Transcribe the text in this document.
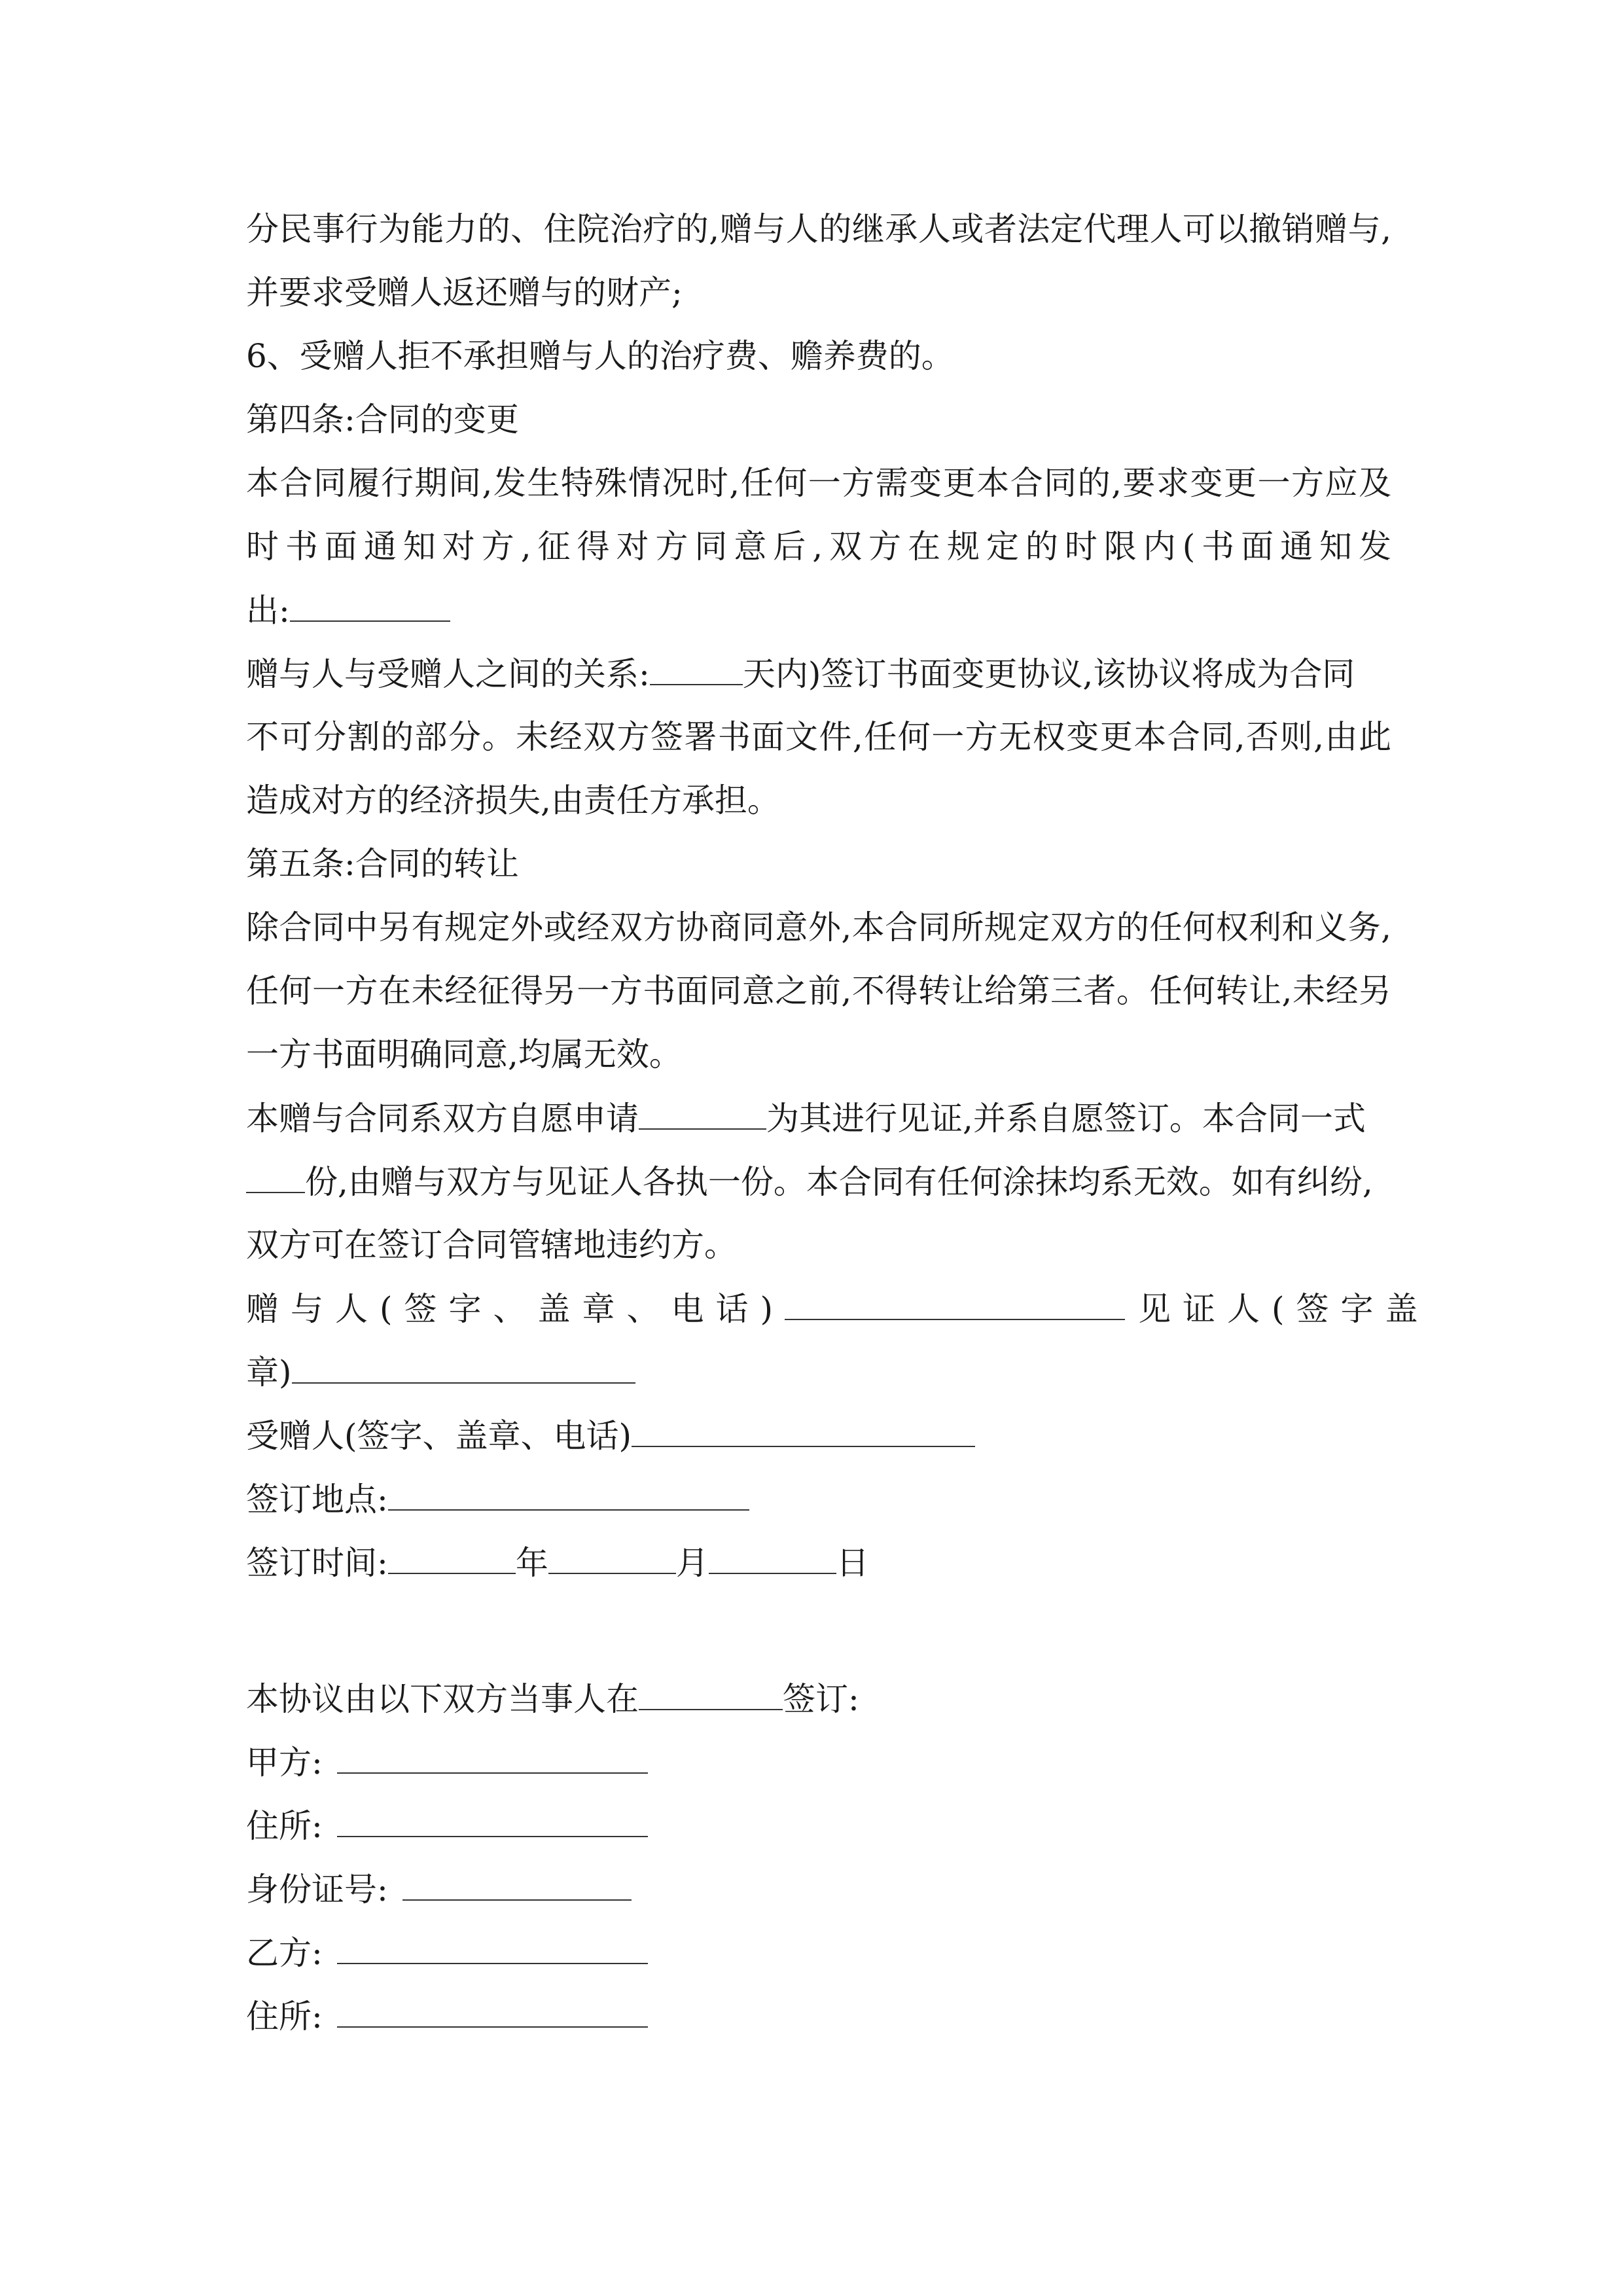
分民事行为能力的、住院治疗的,赠与人的继承人或者法定代理人可以撤销赠与,
并要求受赠人返还赠与的财产;
6、受赠人拒不承担赠与人的治疗费、赡养费的。
第四条:合同的变更
本合同履行期间,发生特殊情况时,任何一方需变更本合同的,要求变更一方应及
时书面通知对方,征得对方同意后,双方在规定的时限内(书面通知发
出:
赠与人与受赠人之间的关系:	天内)签订书面变更协议,该协议将成为合同
不可分割的部分。未经双方签署书面文件,任何一方无权变更本合同,否则,由此
造成对方的经济损失,由责任方承担。
第五条:合同的转让
除合同中另有规定外或经双方协商同意外,本合同所规定双方的任何权利和义务,
任何一方在未经征得另一方书面同意之前,不得转让给第三者。任何转让,未经另
一方书面明确同意,均属无效。
本赠与合同系双方自愿申请	为其进行见证,并系自愿签订。本合同一式
份,由赠与双方与见证人各执一份。本合同有任何涂抹均系无效。如有纠纷,
双方可在签订合同管辖地违约方。
赠与人(签字、盖章、电话)	见证人(签字盖
章)
受赠人(签字、盖章、电话)
签订地点:
签订时间:	年	月	日
本协议由以下双方当事人在	签订:
甲方:
住所:
身份证号:
乙方:
住所:
